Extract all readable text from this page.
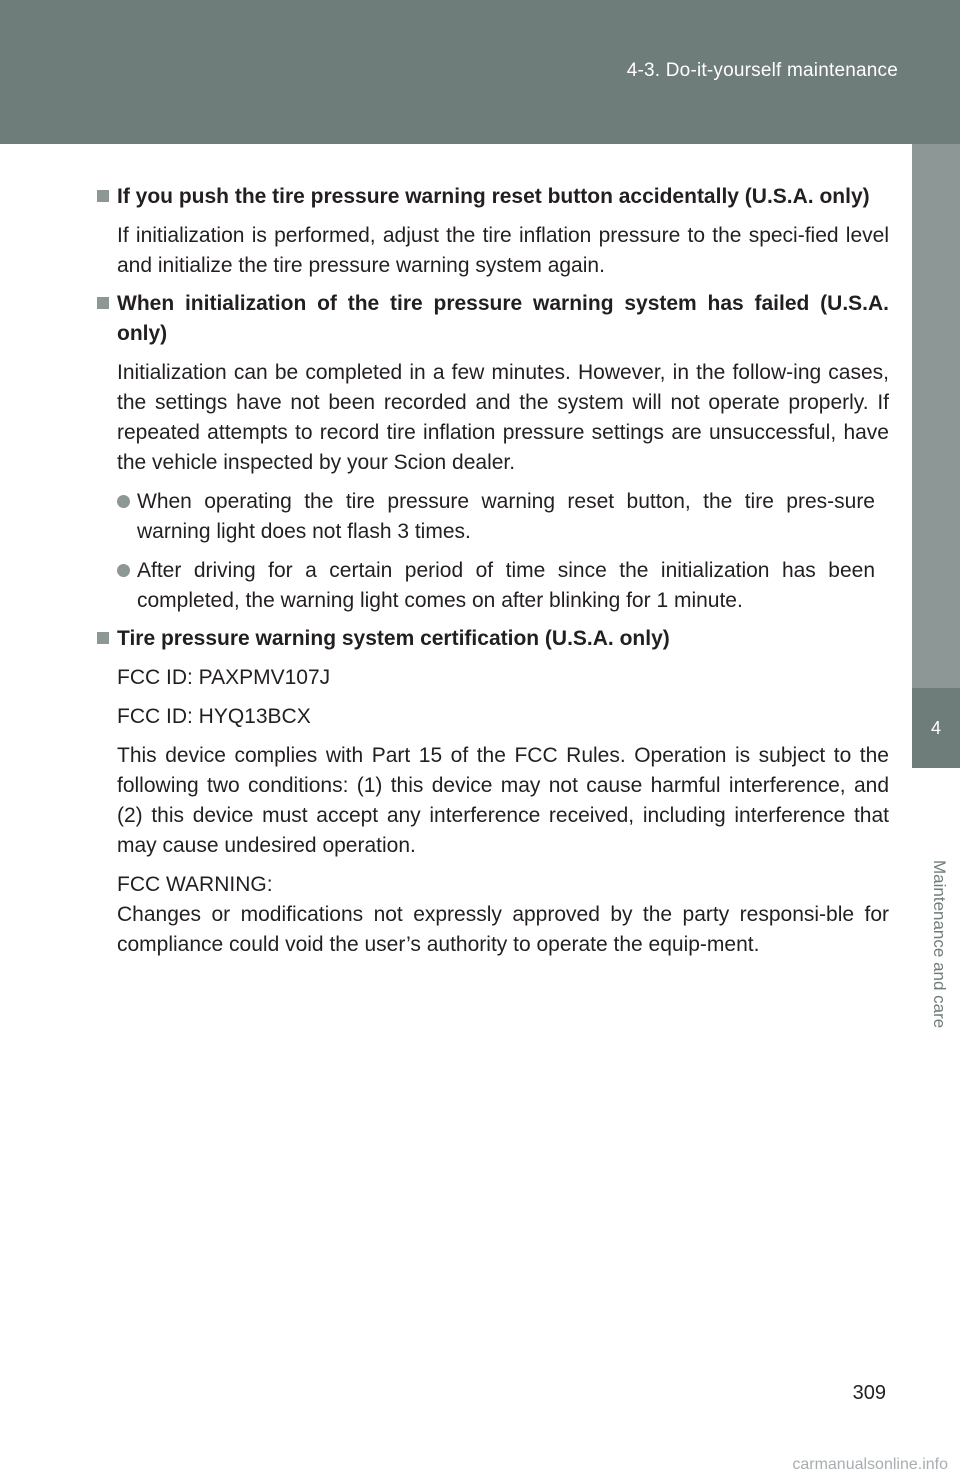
4-3. Do-it-yourself maintenance
4
Maintenance and care
If you push the tire pressure warning reset button accidentally (U.S.A. only)
If initialization is performed, adjust the tire inflation pressure to the speci-fied level and initialize the tire pressure warning system again.
When initialization of the tire pressure warning system has failed (U.S.A. only)
Initialization can be completed in a few minutes. However, in the follow-ing cases, the settings have not been recorded and the system will not operate properly. If repeated attempts to record tire inflation pressure settings are unsuccessful, have the vehicle inspected by your Scion dealer.
When operating the tire pressure warning reset button, the tire pres-sure warning light does not flash 3 times.
After driving for a certain period of time since the initialization has been completed, the warning light comes on after blinking for 1 minute.
Tire pressure warning system certification (U.S.A. only)
FCC ID: PAXPMV107J
FCC ID: HYQ13BCX
This device complies with Part 15 of the FCC Rules. Operation is subject to the following two conditions: (1) this device may not cause harmful interference, and (2) this device must accept any interference received, including interference that may cause undesired operation.
FCC WARNING:
Changes or modifications not expressly approved by the party responsi-ble for compliance could void the user’s authority to operate the equip-ment.
309
carmanualsonline.info
